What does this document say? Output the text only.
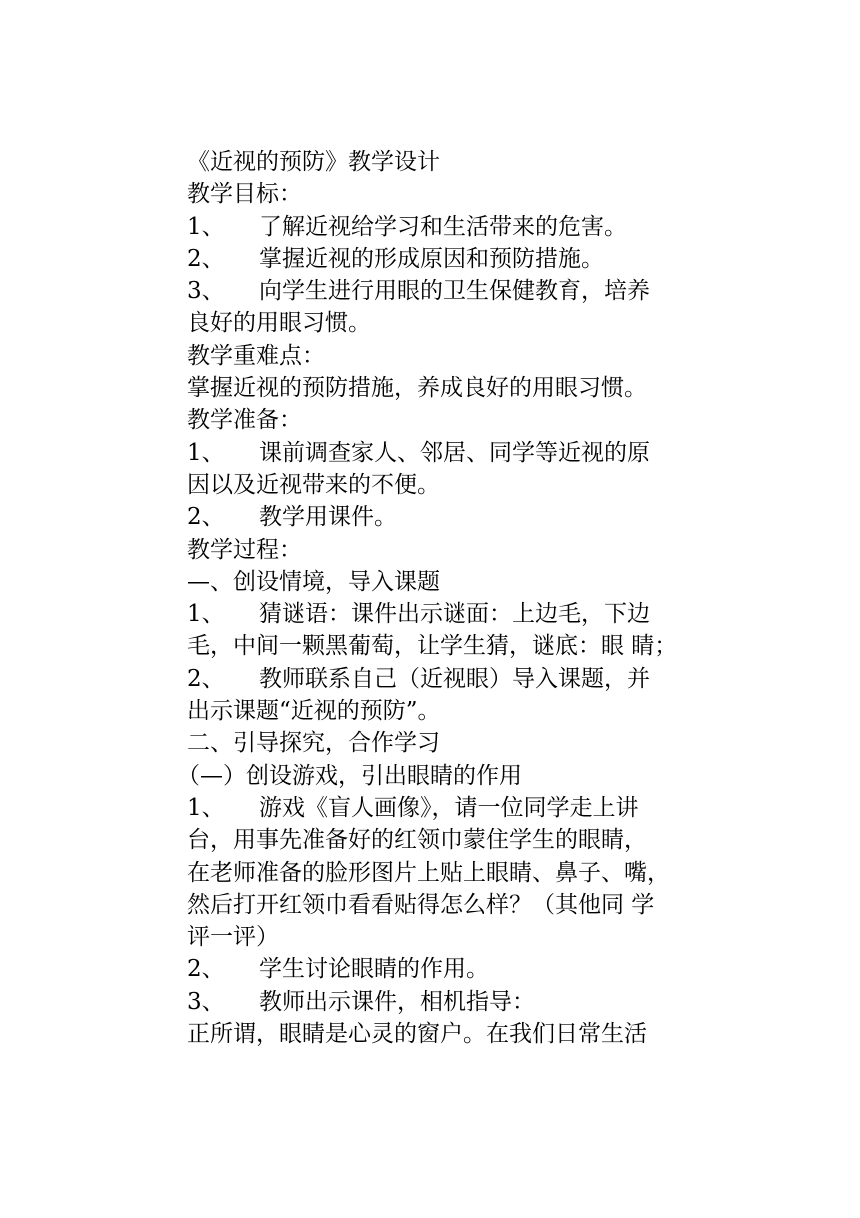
《近视的预防》教学设计
教学目标：
1、 了解近视给学习和生活带来的危害。
2、 掌握近视的形成原因和预防措施。
3、 向学生进行用眼的卫生保健教育，培养
良好的用眼习惯。
教学重难点：
掌握近视的预防措施，养成良好的用眼习惯。
教学准备：
1、 课前调查家人、邻居、同学等近视的原
因以及近视带来的不便。
2、 教学用课件。
教学过程：
—、创设情境，导入课题
1、 猜谜语：课件出示谜面：上边毛，下边
毛，中间一颗黑葡萄，让学生猜，谜底：眼 睛；
2、 教师联系自己（近视眼）导入课题，并
出示课题“近视的预防”。
二、引导探究，合作学习
（—）创设游戏，引出眼睛的作用
1、 游戏《盲人画像》，请一位同学走上讲
台，用事先准备好的红领巾蒙住学生的眼睛，
在老师准备的脸形图片上贴上眼睛、鼻子、嘴，
然后打开红领巾看看贴得怎么样？（其他同 学
评一评）
2、 学生讨论眼睛的作用。
3、 教师出示课件，相机指导：
正所谓，眼睛是心灵的窗户。在我们日常生活
